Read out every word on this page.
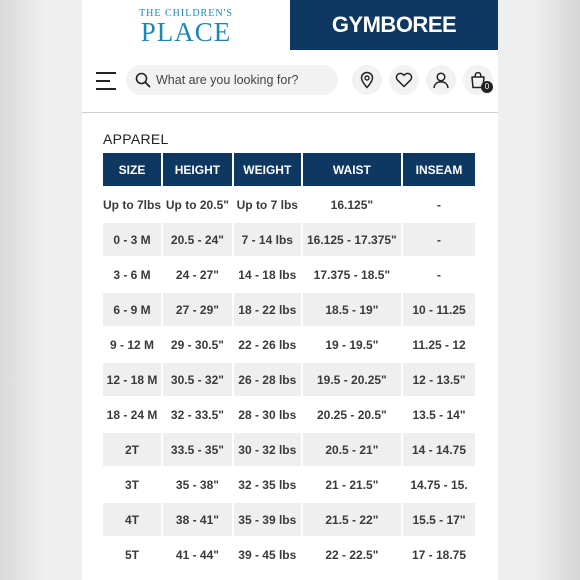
THE CHILDREN'S
PLACE	GYMBOREE
What are you looking for?
0
APPAREL
SIZE	HEIGHT	WEIGHT	WAIST	INSEAM
Up to 7lbs	Up to 20.5"	Up to 7 lbs	16.125"	-
0 - 3 M	20.5 - 24"	7 - 14 lbs	16.125 - 17.375"	-
3 - 6 M	24 - 27"	14 - 18 lbs	17.375 - 18.5"	-
6 - 9 M	27 - 29"	18 - 22 lbs	18.5 - 19"	10 - 11.25
9 - 12 M	29 - 30.5"	22 - 26 lbs	19 - 19.5"	11.25 - 12
12 - 18 M	30.5 - 32"	26 - 28 lbs	19.5 - 20.25"	12 - 13.5"
18 - 24 M	32 - 33.5"	28 - 30 lbs	20.25 - 20.5"	13.5 - 14"
2T	33.5 - 35"	30 - 32 lbs	20.5 - 21"	14 - 14.75
3T	35 - 38"	32 - 35 lbs	21 - 21.5"	14.75 - 15.
4T	38 - 41"	35 - 39 lbs	21.5 - 22"	15.5 - 17"
5T	41 - 44"	39 - 45 lbs	22 - 22.5"	17 - 18.75
